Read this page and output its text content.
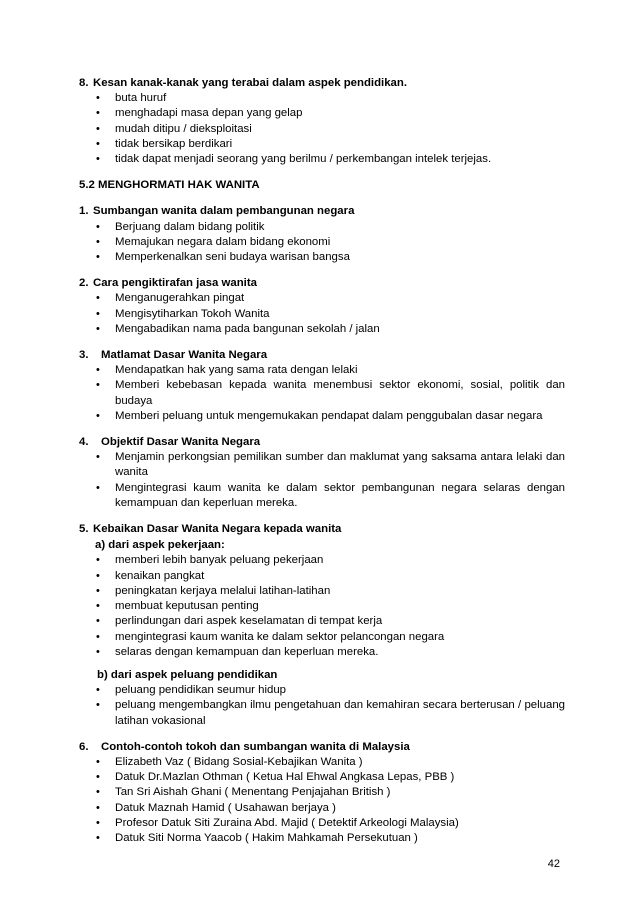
8. Kesan kanak-kanak yang terabai dalam aspek pendidikan.
• buta huruf
• menghadapi masa depan yang gelap
• mudah ditipu / dieksploitasi
• tidak bersikap berdikari
• tidak dapat menjadi seorang yang berilmu / perkembangan intelek terjejas.
5.2 MENGHORMATI HAK WANITA
1. Sumbangan wanita dalam pembangunan negara
• Berjuang dalam bidang politik
• Memajukan negara dalam bidang ekonomi
• Memperkenalkan seni budaya warisan bangsa
2. Cara pengiktirafan jasa wanita
• Menganugerahkan pingat
• Mengisytiharkan Tokoh Wanita
• Mengabadikan nama pada bangunan sekolah / jalan
3.	Matlamat Dasar Wanita Negara
• Mendapatkan hak yang sama rata dengan lelaki
• Memberi kebebasan kepada wanita menembusi sektor ekonomi, sosial, politik dan budaya
• Memberi peluang untuk mengemukakan pendapat dalam penggubalan dasar negara
4.	Objektif Dasar Wanita Negara
• Menjamin perkongsian pemilikan sumber dan maklumat yang saksama antara lelaki dan wanita
• Mengintegrasi kaum wanita ke dalam sektor pembangunan negara selaras dengan kemampuan dan keperluan mereka.
5. Kebaikan Dasar Wanita Negara kepada wanita
a) dari aspek pekerjaan:
• memberi lebih banyak peluang pekerjaan
• kenaikan pangkat
• peningkatan kerjaya melalui latihan-latihan
• membuat keputusan penting
• perlindungan dari aspek keselamatan di tempat kerja
• mengintegrasi kaum wanita ke dalam sektor pelancongan negara
• selaras dengan kemampuan dan keperluan mereka.
b) dari aspek peluang pendidikan
• peluang pendidikan seumur hidup
• peluang mengembangkan ilmu pengetahuan dan kemahiran secara berterusan / peluang latihan vokasional
6.	Contoh-contoh tokoh dan sumbangan wanita di Malaysia
• Elizabeth Vaz ( Bidang Sosial-Kebajikan Wanita )
• Datuk Dr.Mazlan Othman ( Ketua Hal Ehwal Angkasa Lepas, PBB )
• Tan Sri Aishah Ghani ( Menentang Penjajahan British )
• Datuk Maznah Hamid ( Usahawan berjaya )
• Profesor Datuk Siti Zuraina Abd. Majid ( Detektif Arkeologi Malaysia)
• Datuk Siti Norma Yaacob ( Hakim Mahkamah Persekutuan )
42
